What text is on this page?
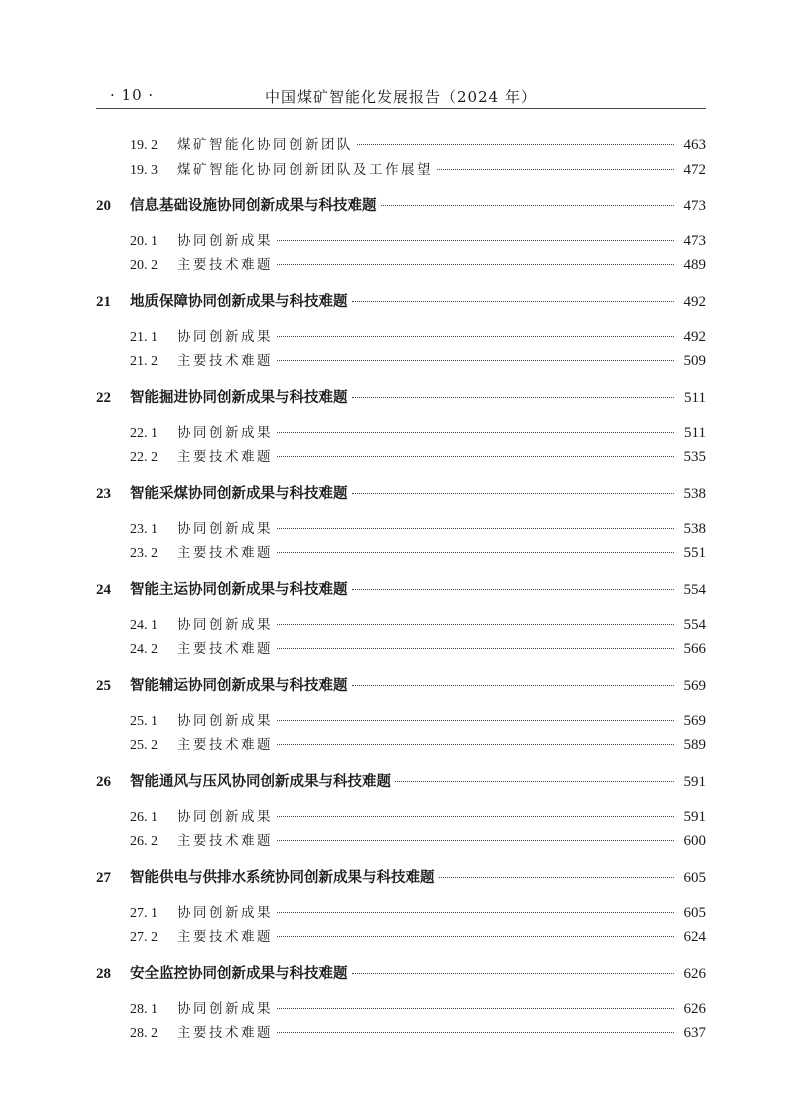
· 10 ·	中国煤矿智能化发展报告（2024 年）
19. 2	煤矿智能化协同创新团队	463
19. 3	煤矿智能化协同创新团队及工作展望	472
20	信息基础设施协同创新成果与科技难题	473
20. 1	协同创新成果	473
20. 2	主要技术难题	489
21	地质保障协同创新成果与科技难题	492
21. 1	协同创新成果	492
21. 2	主要技术难题	509
22	智能掘进协同创新成果与科技难题	511
22. 1	协同创新成果	511
22. 2	主要技术难题	535
23	智能采煤协同创新成果与科技难题	538
23. 1	协同创新成果	538
23. 2	主要技术难题	551
24	智能主运协同创新成果与科技难题	554
24. 1	协同创新成果	554
24. 2	主要技术难题	566
25	智能辅运协同创新成果与科技难题	569
25. 1	协同创新成果	569
25. 2	主要技术难题	589
26	智能通风与压风协同创新成果与科技难题	591
26. 1	协同创新成果	591
26. 2	主要技术难题	600
27	智能供电与供排水系统协同创新成果与科技难题	605
27. 1	协同创新成果	605
27. 2	主要技术难题	624
28	安全监控协同创新成果与科技难题	626
28. 1	协同创新成果	626
28. 2	主要技术难题	637
